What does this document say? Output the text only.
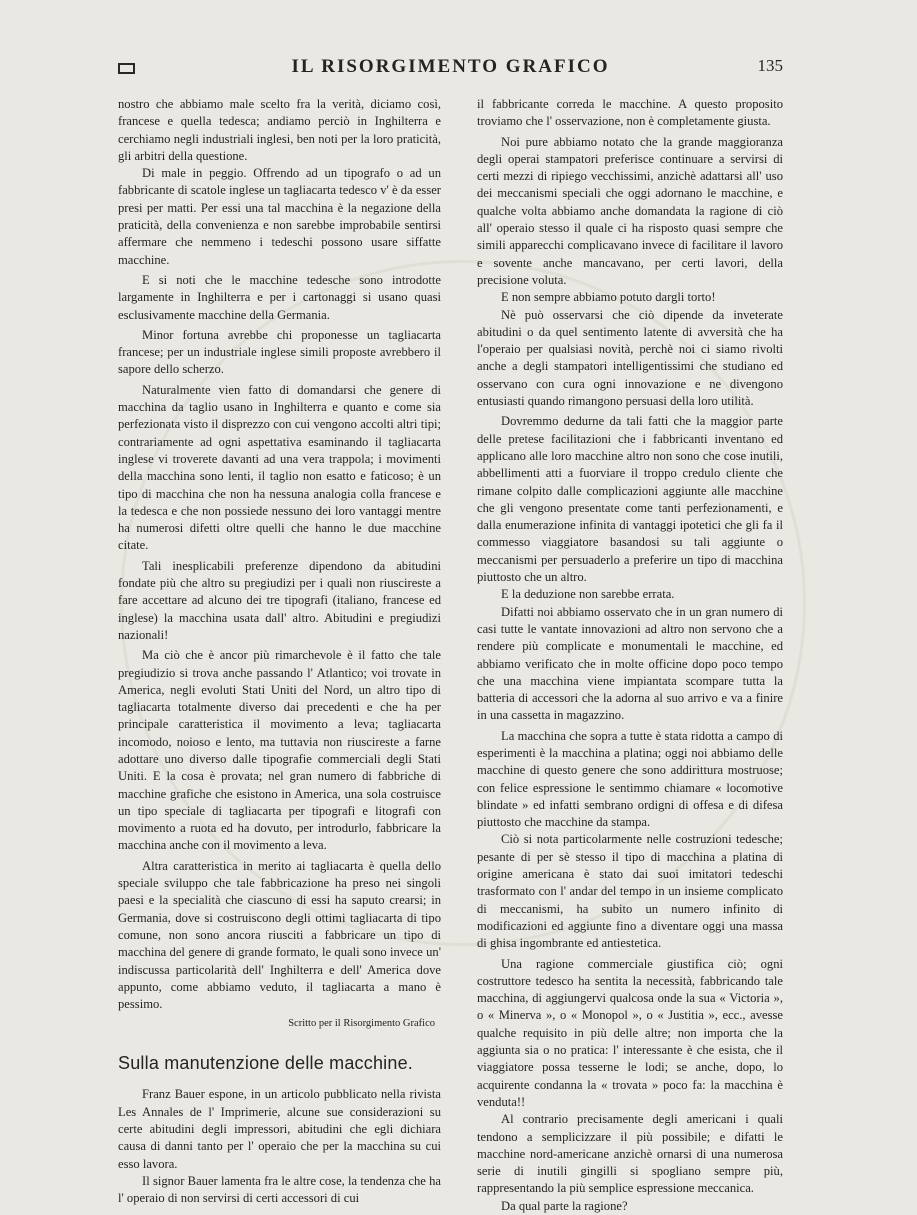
IL RISORGIMENTO GRAFICO	135

nostro che abbiamo male scelto fra la verità, diciamo così, francese e quella tedesca; andiamo perciò in Inghilterra e cerchiamo negli industriali inglesi, ben noti per la loro praticità, gli arbitri della questione.

Di male in peggio. Offrendo ad un tipografo o ad un fabbricante di scatole inglese un tagliacarta tedesco v' è da esser presi per matti. Per essi una tal macchina è la negazione della praticità, della convenienza e non sarebbe improbabile sentirsi affermare che nemmeno i tedeschi possono usare siffatte macchine.

E si noti che le macchine tedesche sono introdotte largamente in Inghilterra e per i cartonaggi si usano quasi esclusivamente macchine della Germania.

Minor fortuna avrebbe chi proponesse un tagliacarta francese; per un industriale inglese simili proposte avrebbero il sapore dello scherzo.

Naturalmente vien fatto di domandarsi che genere di macchina da taglio usano in Inghilterra e quanto e come sia perfezionata visto il disprezzo con cui vengono accolti altri tipi; contrariamente ad ogni aspettativa esaminando il tagliacarta inglese vi troverete davanti ad una vera trappola; i movimenti della macchina sono lenti, il taglio non esatto e faticoso; è un tipo di macchina che non ha nessuna analogia colla francese e la tedesca e che non possiede nessuno dei loro vantaggi mentre ha numerosi difetti oltre quelli che hanno le due macchine citate.

Tali inesplicabili preferenze dipendono da abitudini fondate più che altro su pregiudizi per i quali non riuscireste a fare accettare ad alcuno dei tre tipografi (italiano, francese ed inglese) la macchina usata dall' altro. Abitudini e pregiudizi nazionali!

Ma ciò che è ancor più rimarchevole è il fatto che tale pregiudizio si trova anche passando l' Atlantico; voi trovate in America, negli evoluti Stati Uniti del Nord, un altro tipo di tagliacarta totalmente diverso dai precedenti e che ha per principale caratteristica il movimento a leva; tagliacarta incomodo, noioso e lento, ma tuttavia non riuscireste a farne adottare uno diverso dalle tipografie commerciali degli Stati Uniti. E la cosa è provata; nel gran numero di fabbriche di macchine grafiche che esistono in America, una sola costruisce un tipo speciale di tagliacarta per tipografi e litografi con movimento a ruota ed ha dovuto, per introdurlo, fabbricare la macchina anche con il movimento a leva.

Altra caratteristica in merito ai tagliacarta è quella dello speciale sviluppo che tale fabbricazione ha preso nei singoli paesi e la specialità che ciascuno di essi ha saputo crearsi; in Germania, dove si costruiscono degli ottimi tagliacarta di tipo comune, non sono ancora riusciti a fabbricare un tipo di macchina del genere di grande formato, le quali sono invece un' indiscussa particolarità dell' Inghilterra e dell' America dove appunto, come abbiamo veduto, il tagliacarta a mano è pessimo.

Scritto per il Risorgimento Grafico
Sulla manutenzione delle macchine.

Franz Bauer espone, in un articolo pubblicato nella rivista Les Annales de l' Imprimerie, alcune sue considerazioni su certe abitudini degli impressori, abitudini che egli dichiara causa di danni tanto per l' operaio che per la macchina su cui esso lavora.

Il signor Bauer lamenta fra le altre cose, la tendenza che ha l' operaio di non servirsi di certi accessori di cui

il fabbricante correda le macchine. A questo proposito troviamo che l' osservazione, non è completamente giusta.

Noi pure abbiamo notato che la grande maggioranza degli operai stampatori preferisce continuare a servirsi di certi mezzi di ripiego vecchissimi, anzichè adattarsi all' uso dei meccanismi speciali che oggi adornano le macchine, e qualche volta abbiamo anche domandata la ragione di ciò all' operaio stesso il quale ci ha risposto quasi sempre che simili apparecchi complicavano invece di facilitare il lavoro e sovente anche mancavano, per certi lavori, della precisione voluta.

E non sempre abbiamo potuto dargli torto!

Nè può osservarsi che ciò dipende da inveterate abitudini o da quel sentimento latente di avversità che ha l'operaio per qualsiasi novità, perchè noi ci siamo rivolti anche a degli stampatori intelligentissimi che studiano ed osservano con cura ogni innovazione e ne divengono entusiasti quando rimangono persuasi della loro utilità.

Dovremmo dedurne da tali fatti che la maggior parte delle pretese facilitazioni che i fabbricanti inventano ed applicano alle loro macchine altro non sono che cose inutili, abbellimenti atti a fuorviare il troppo credulo cliente che rimane colpito dalle complicazioni aggiunte alle macchine che gli vengono presentate come tanti perfezionamenti, e dalla enumerazione infinita di vantaggi ipotetici che gli fa il commesso viaggiatore basandosi su tali aggiunte o meccanismi per persuaderlo a preferire un tipo di macchina piuttosto che un altro.

E la deduzione non sarebbe errata.

Difatti noi abbiamo osservato che in un gran numero di casi tutte le vantate innovazioni ad altro non servono che a rendere più complicate e monumentali le macchine, ed abbiamo verificato che in molte officine dopo poco tempo che una macchina viene impiantata scompare tutta la batteria di accessori che la adorna al suo arrivo e va a finire in una cassetta in magazzino.

La macchina che sopra a tutte è stata ridotta a campo di esperimenti è la macchina a platina; oggi noi abbiamo delle macchine di questo genere che sono addirittura mostruose; con felice espressione le sentimmo chiamare « locomotive blindate » ed infatti sembrano ordigni di offesa e di difesa piuttosto che macchine da stampa.

Ciò si nota particolarmente nelle costruzioni tedesche; pesante di per sè stesso il tipo di macchina a platina di origine americana è stato dai suoi imitatori tedeschi trasformato con l' andar del tempo in un insieme complicato di meccanismi, ha subito un numero infinito di modificazioni ed aggiunte fino a diventare oggi una massa di ghisa ingombrante ed antiestetica.

Una ragione commerciale giustifica ciò; ogni costruttore tedesco ha sentita la necessità, fabbricando tale macchina, di aggiungervi qualcosa onde la sua « Victoria », o « Minerva », o « Monopol », o « Justitia », ecc., avesse qualche requisito in più delle altre; non importa che la aggiunta sia o no pratica: l' interessante è che esista, che il viaggiatore possa tesserne le lodi; se anche, dopo, lo acquirente condanna la « trovata » poco fa: la macchina è venduta!!

Al contrario precisamente degli americani i quali tendono a semplicizzare il più possibile; e difatti le macchine nord-americane anzichè ornarsi di una numerosa serie di inutili gingilli si spogliano sempre più, rappresentando la più semplice espressione meccanica.

Da qual parte la ragione?
